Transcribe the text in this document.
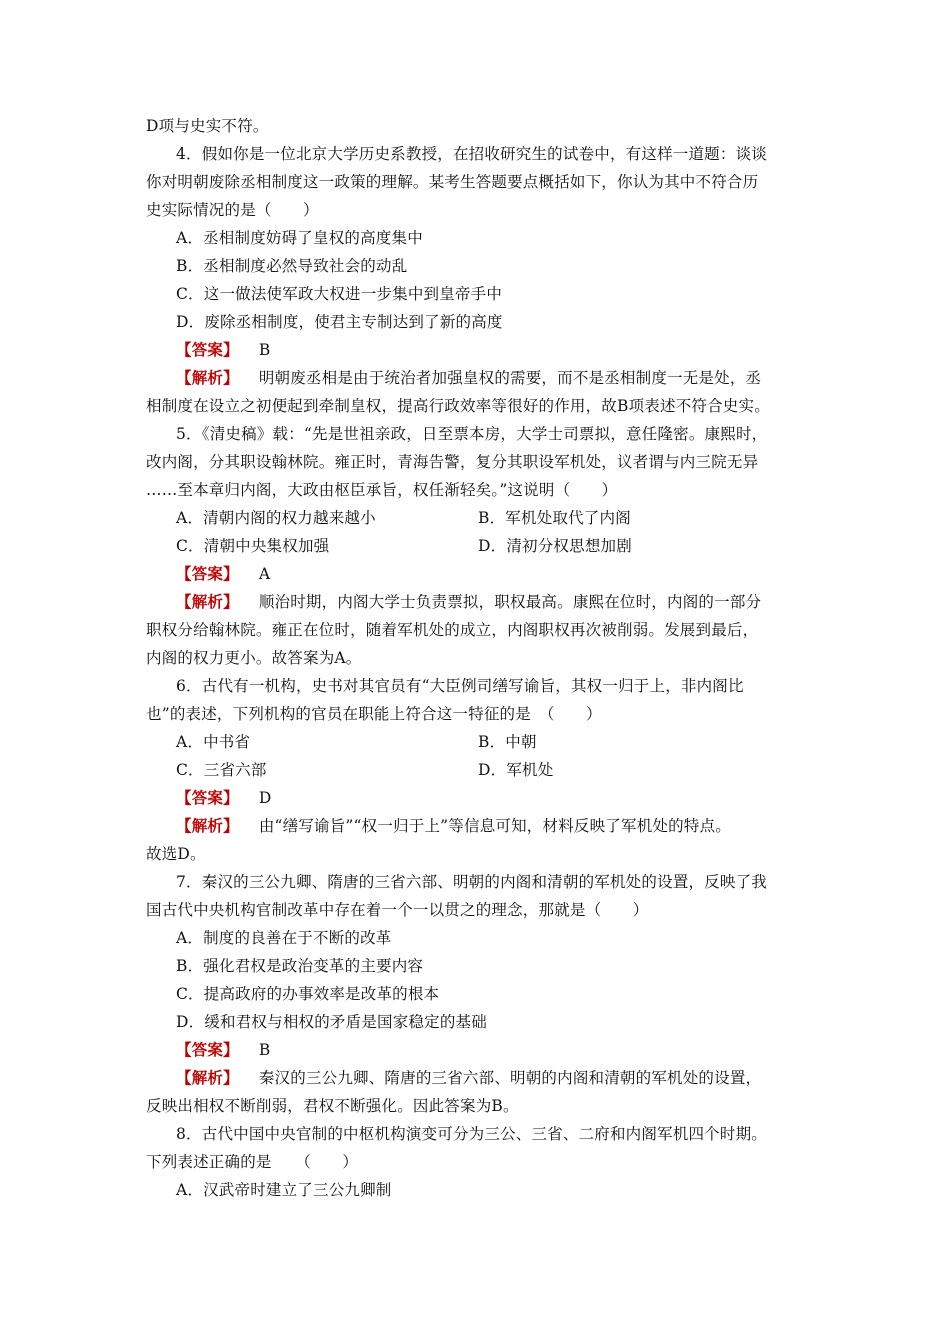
D项与史实不符。
4．假如你是一位北京大学历史系教授，在招收研究生的试卷中，有这样一道题：谈谈
你对明朝废除丞相制度这一政策的理解。某考生答题要点概括如下，你认为其中不符合历
史实际情况的是（　　）
A．丞相制度妨碍了皇权的高度集中
B．丞相制度必然导致社会的动乱
C．这一做法使军政大权进一步集中到皇帝手中
D．废除丞相制度，使君主专制达到了新的高度
【答案】 B
【解析】 明朝废丞相是由于统治者加强皇权的需要，而不是丞相制度一无是处，丞
相制度在设立之初便起到牵制皇权，提高行政效率等很好的作用，故B项表述不符合史实。
5．《清史稿》载：“先是世祖亲政，日至票本房，大学士司票拟，意任隆密。康熙时，
改内阁，分其职设翰林院。雍正时，青海告警，复分其职设军机处，议者谓与内三院无异
……至本章归内阁，大政由枢臣承旨，权任渐轻矣。”这说明（　　）
A．清朝内阁的权力越来越小	B．军机处取代了内阁
C．清朝中央集权加强	D．清初分权思想加剧
【答案】 A
【解析】 顺治时期，内阁大学士负责票拟，职权最高。康熙在位时，内阁的一部分
职权分给翰林院。雍正在位时，随着军机处的成立，内阁职权再次被削弱。发展到最后，
内阁的权力更小。故答案为A。
6．古代有一机构，史书对其官员有“大臣例司缮写谕旨，其权一归于上，非内阁比
也”的表述，下列机构的官员在职能上符合这一特征的是　（　　）
A．中书省	B．中朝
C．三省六部	D．军机处
【答案】 D
【解析】 由“缮写谕旨”“权一归于上”等信息可知，材料反映了军机处的特点。
故选D。
7．秦汉的三公九卿、隋唐的三省六部、明朝的内阁和清朝的军机处的设置，反映了我
国古代中央机构官制改革中存在着一个一以贯之的理念，那就是（　　）
A．制度的良善在于不断的改革
B．强化君权是政治变革的主要内容
C．提高政府的办事效率是改革的根本
D．缓和君权与相权的矛盾是国家稳定的基础
【答案】 B
【解析】 秦汉的三公九卿、隋唐的三省六部、明朝的内阁和清朝的军机处的设置，
反映出相权不断削弱，君权不断强化。因此答案为B。
8．古代中国中央官制的中枢机构演变可分为三公、三省、二府和内阁军机四个时期。
下列表述正确的是　　（　　）
A．汉武帝时建立了三公九卿制
